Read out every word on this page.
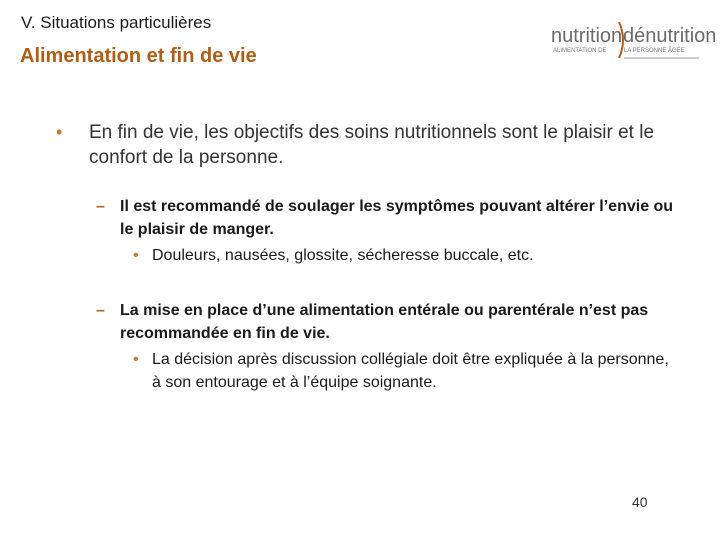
V. Situations particulières
Alimentation et fin de vie
nutrition dénutrition
ALIMENTATION DE	LA PERSONNE ÂGÉE
• En fin de vie, les objectifs des soins nutritionnels sont le plaisir et le confort de la personne.
– Il est recommandé de soulager les symptômes pouvant altérer l’envie ou le plaisir de manger.
• Douleurs, nausées, glossite, sécheresse buccale, etc.
– La mise en place d’une alimentation entérale ou parentérale n’est pas recommandée en fin de vie.
• La décision après discussion collégiale doit être expliquée à la personne, à son entourage et à l’équipe soignante.
40
